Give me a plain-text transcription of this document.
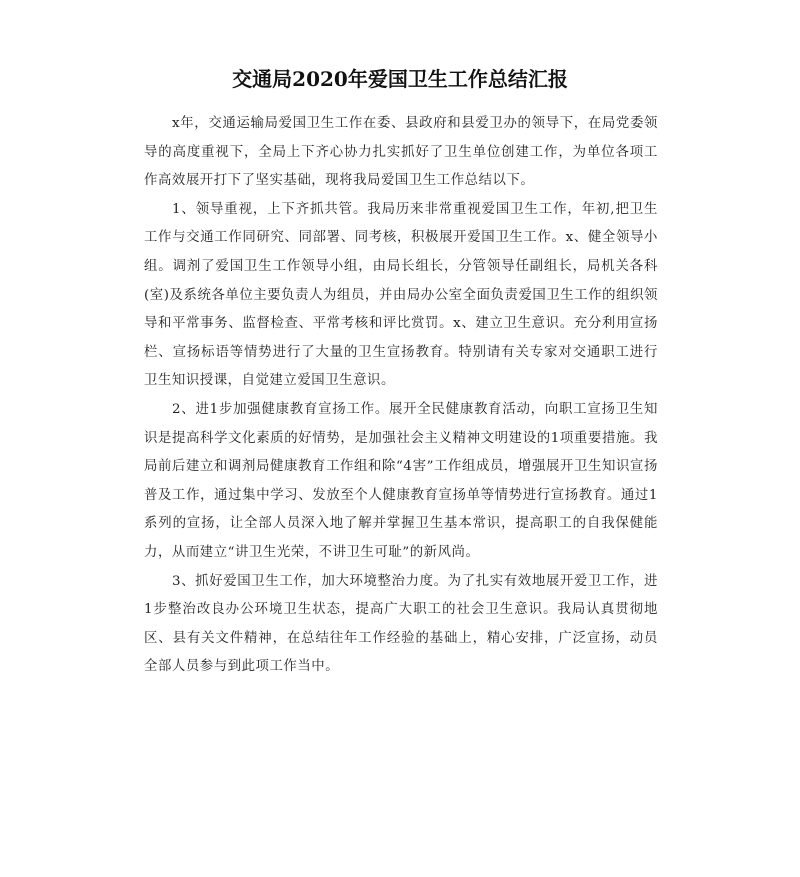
交通局2020年爱国卫生工作总结汇报

x年，交通运输局爱国卫生工作在委、县政府和县爱卫办的领导下，在局党委领导的高度重视下，全局上下齐心协力扎实抓好了卫生单位创建工作，为单位各项工作高效展开打下了坚实基础，现将我局爱国卫生工作总结以下。

1、领导重视，上下齐抓共管。我局历来非常重视爱国卫生工作，年初,把卫生工作与交通工作同研究、同部署、同考核，积极展开爱国卫生工作。x、健全领导小组。调剂了爱国卫生工作领导小组，由局长组长，分管领导任副组长，局机关各科(室)及系统各单位主要负责人为组员，并由局办公室全面负责爱国卫生工作的组织领导和平常事务、监督检查、平常考核和评比赏罚。x、建立卫生意识。充分利用宣扬栏、宣扬标语等情势进行了大量的卫生宣扬教育。特别请有关专家对交通职工进行卫生知识授课，自觉建立爱国卫生意识。

2、进1步加强健康教育宣扬工作。展开全民健康教育活动，向职工宣扬卫生知识是提高科学文化素质的好情势，是加强社会主义精神文明建设的1项重要措施。我局前后建立和调剂局健康教育工作组和除“4害”工作组成员，增强展开卫生知识宣扬普及工作，通过集中学习、发放至个人健康教育宣扬单等情势进行宣扬教育。通过1系列的宣扬，让全部人员深入地了解并掌握卫生基本常识，提高职工的自我保健能力，从而建立“讲卫生光荣，不讲卫生可耻”的新风尚。

3、抓好爱国卫生工作，加大环境整治力度。为了扎实有效地展开爱卫工作，进1步整治改良办公环境卫生状态，提高广大职工的社会卫生意识。我局认真贯彻地区、县有关文件精神，在总结往年工作经验的基础上，精心安排，广泛宣扬，动员全部人员参与到此项工作当中。
